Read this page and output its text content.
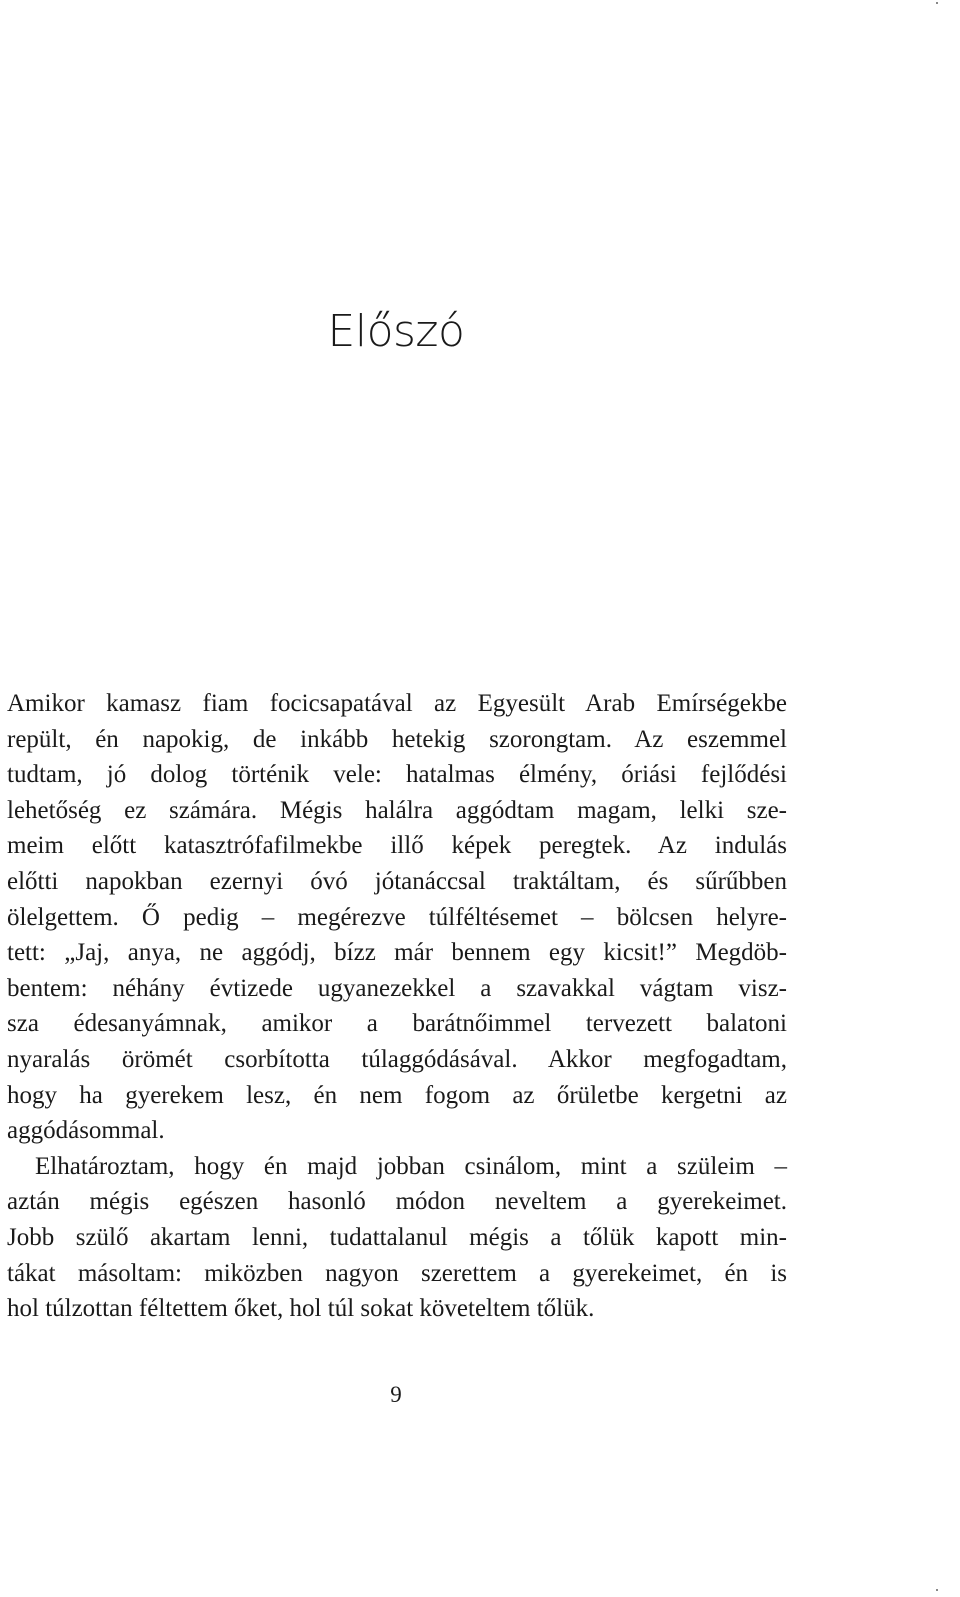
Előszó
Amikor kamasz fiam focicsapatával az Egyesült Arab Emírségekbe
repült, én napokig, de inkább hetekig szorongtam. Az eszemmel
tudtam, jó dolog történik vele: hatalmas élmény, óriási fejlődési
lehetőség ez számára. Mégis halálra aggódtam magam, lelki sze-
meim előtt katasztrófafilmekbe illő képek peregtek. Az indulás
előtti napokban ezernyi óvó jótanáccsal traktáltam, és sűrűbben
ölelgettem. Ő pedig – megérezve túlféltésemet – bölcsen helyre-
tett: „Jaj, anya, ne aggódj, bízz már bennem egy kicsit!” Megdöb-
bentem: néhány évtizede ugyanezekkel a szavakkal vágtam visz-
sza édesanyámnak, amikor a barátnőimmel tervezett balatoni
nyaralás örömét csorbította túlaggódásával. Akkor megfogadtam,
hogy ha gyerekem lesz, én nem fogom az őrületbe kergetni az
aggódásommal.
Elhatároztam, hogy én majd jobban csinálom, mint a szüleim –
aztán mégis egészen hasonló módon neveltem a gyerekeimet.
Jobb szülő akartam lenni, tudattalanul mégis a tőlük kapott min-
tákat másoltam: miközben nagyon szerettem a gyerekeimet, én is
hol túlzottan féltettem őket, hol túl sokat követeltem tőlük.
9
